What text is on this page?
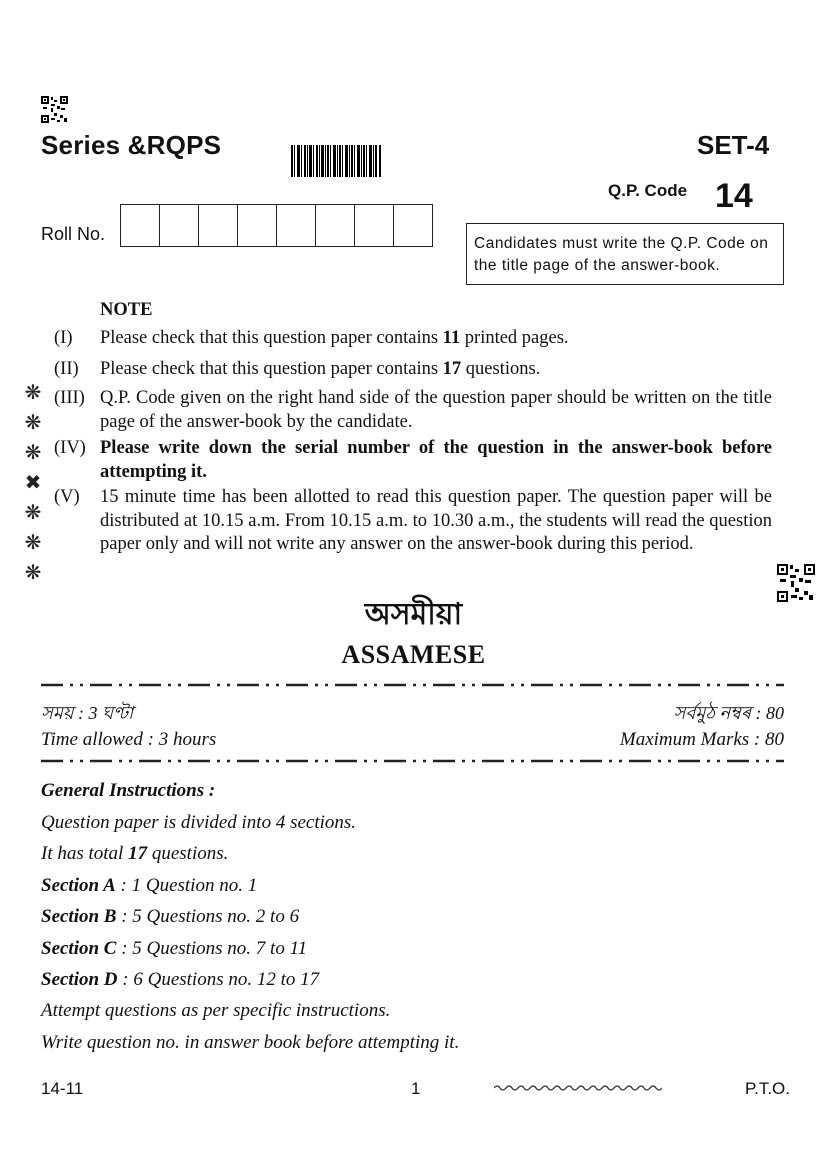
Series &RQPS	SET-4
Q.P. Code 14
Roll No.	Candidates must write the Q.P. Code on the title page of the answer-book.
NOTE
(I) Please check that this question paper contains 11 printed pages.
(II) Please check that this question paper contains 17 questions.
(III) Q.P. Code given on the right hand side of the question paper should be written on the title page of the answer-book by the candidate.
(IV) Please write down the serial number of the question in the answer-book before attempting it.
(V) 15 minute time has been allotted to read this question paper. The question paper will be distributed at 10.15 a.m. From 10.15 a.m. to 10.30 a.m., the students will read the question paper only and will not write any answer on the answer-book during this period.
❋
❋
❋
✖
❋
❋
❋
অসমীয়া
ASSAMESE
সময় : 3 ঘণ্টা	সৰ্বমুঠ নম্বৰ : 80
Time allowed : 3 hours	Maximum Marks : 80
General Instructions :
Question paper is divided into 4 sections.
It has total 17 questions.
Section A : 1 Question no. 1
Section B : 5 Questions no. 2 to 6
Section C : 5 Questions no. 7 to 11
Section D : 6 Questions no. 12 to 17
Attempt questions as per specific instructions.
Write question no. in answer book before attempting it.
14-11	1	P.T.O.
